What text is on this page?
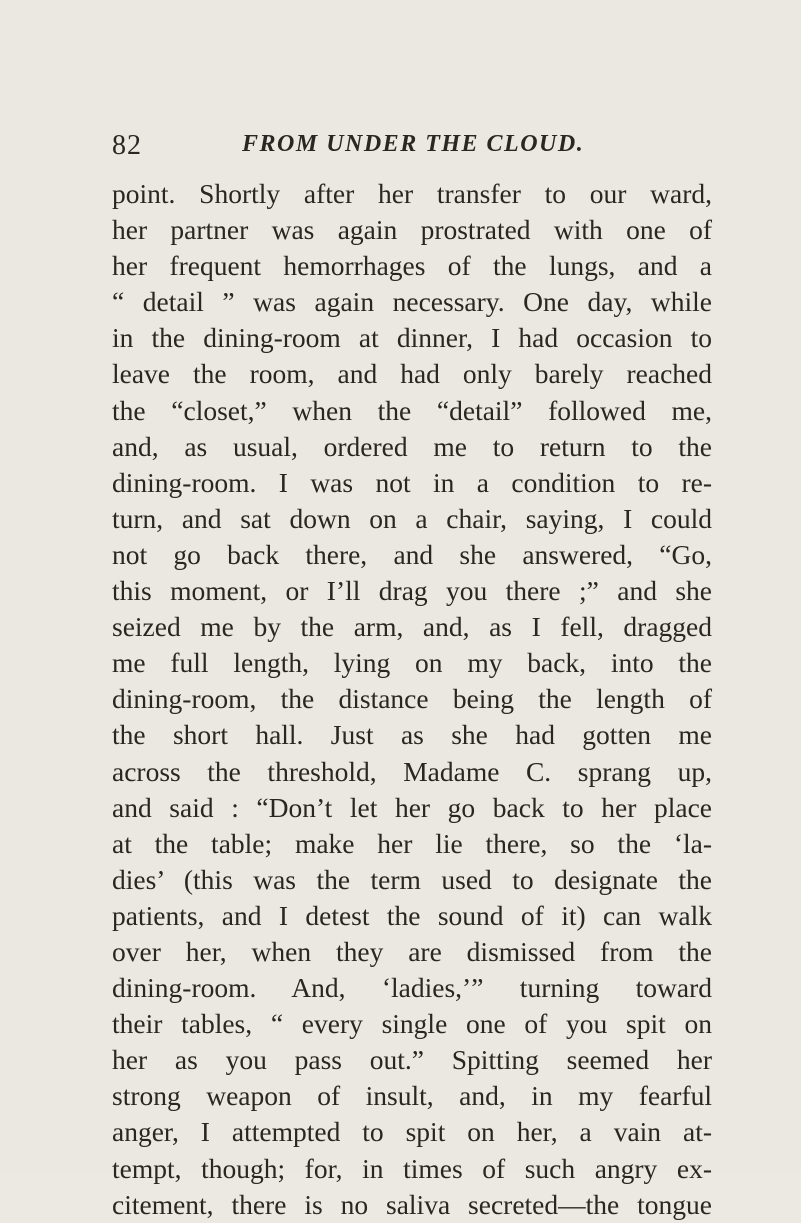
82	FROM UNDER THE CLOUD.
point. Shortly after her transfer to our ward,
her partner was again prostrated with one of
her frequent hemorrhages of the lungs, and a
“ detail ” was again necessary. One day, while
in the dining-room at dinner, I had occasion to
leave the room, and had only barely reached
the “closet,” when the “detail” followed me,
and, as usual, ordered me to return to the
dining-room. I was not in a condition to re-
turn, and sat down on a chair, saying, I could
not go back there, and she answered, “Go,
this moment, or I’ll drag you there ;” and she
seized me by the arm, and, as I fell, dragged
me full length, lying on my back, into the
dining-room, the distance being the length of
the short hall. Just as she had gotten me
across the threshold, Madame C. sprang up,
and said : “Don’t let her go back to her place
at the table; make her lie there, so the ‘la-
dies’ (this was the term used to designate the
patients, and I detest the sound of it) can walk
over her, when they are dismissed from the
dining-room. And, ‘ladies,’” turning toward
their tables, “ every single one of you spit on
her as you pass out.” Spitting seemed her
strong weapon of insult, and, in my fearful
anger, I attempted to spit on her, a vain at-
tempt, though; for, in times of such angry ex-
citement, there is no saliva secreted—the tongue
